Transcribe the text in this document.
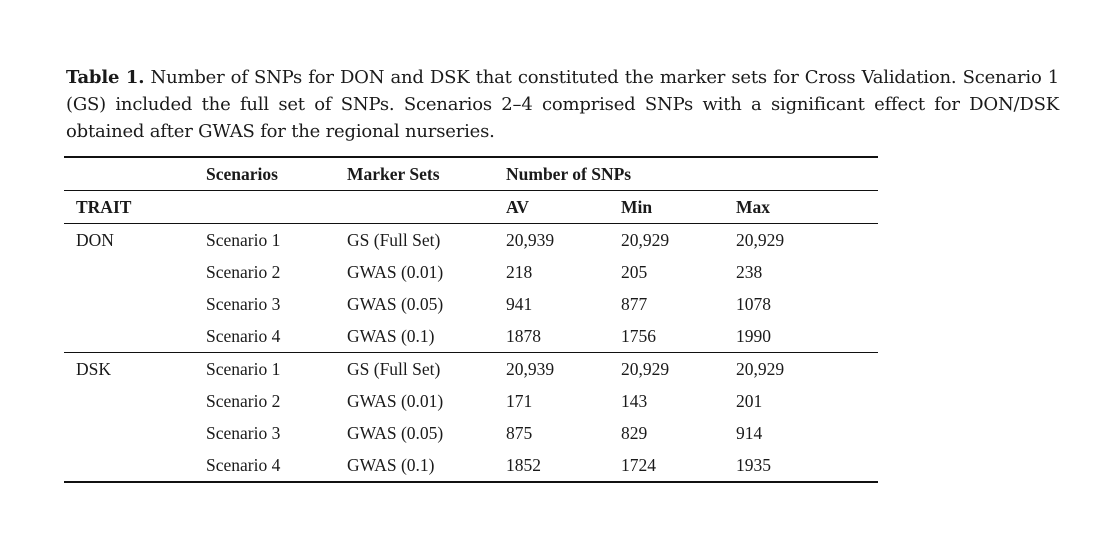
Table 1. Number of SNPs for DON and DSK that constituted the marker sets for Cross Validation. Scenario 1 (GS) included the full set of SNPs. Scenarios 2–4 comprised SNPs with a significant effect for DON/DSK obtained after GWAS for the regional nurseries.
	Scenarios	Marker Sets	Number of SNPs		
TRAIT			AV	Min	Max
DON	Scenario 1	GS (Full Set)	20,939	20,929	20,929
	Scenario 2	GWAS (0.01)	218	205	238
	Scenario 3	GWAS (0.05)	941	877	1078
	Scenario 4	GWAS (0.1)	1878	1756	1990
DSK	Scenario 1	GS (Full Set)	20,939	20,929	20,929
	Scenario 2	GWAS (0.01)	171	143	201
	Scenario 3	GWAS (0.05)	875	829	914
	Scenario 4	GWAS (0.1)	1852	1724	1935
